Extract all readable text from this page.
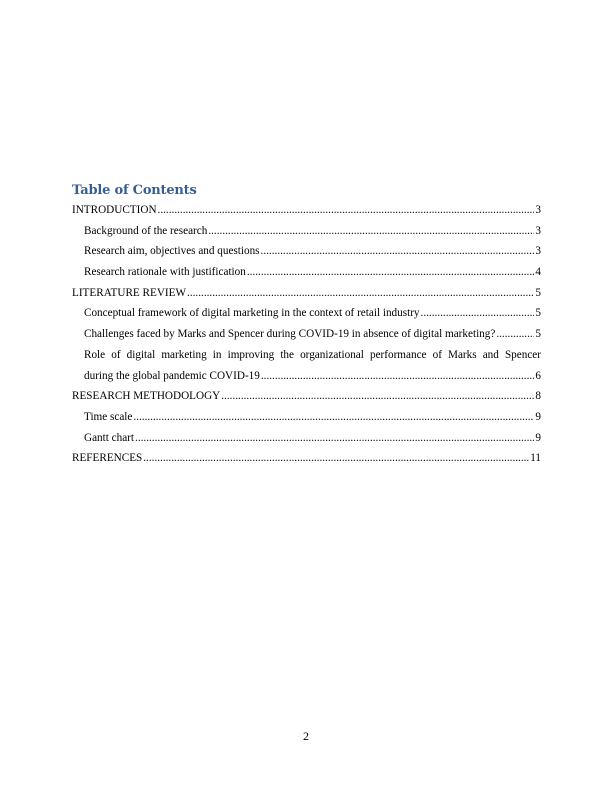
Table of Contents
INTRODUCTION .....	3
Background of the research .....	3
Research aim, objectives and questions .....	3
Research rationale with justification .....	4
LITERATURE REVIEW .....	5
Conceptual framework of digital marketing in the context of retail industry .....	5
Challenges faced by Marks and Spencer during COVID-19 in absence of digital marketing? .....	5
Role of digital marketing in improving the organizational performance of Marks and Spencer
during the global pandemic COVID-19 .....	6
RESEARCH METHODOLOGY .....	8
Time scale .....	9
Gantt chart .....	9
REFERENCES .....	11
2
